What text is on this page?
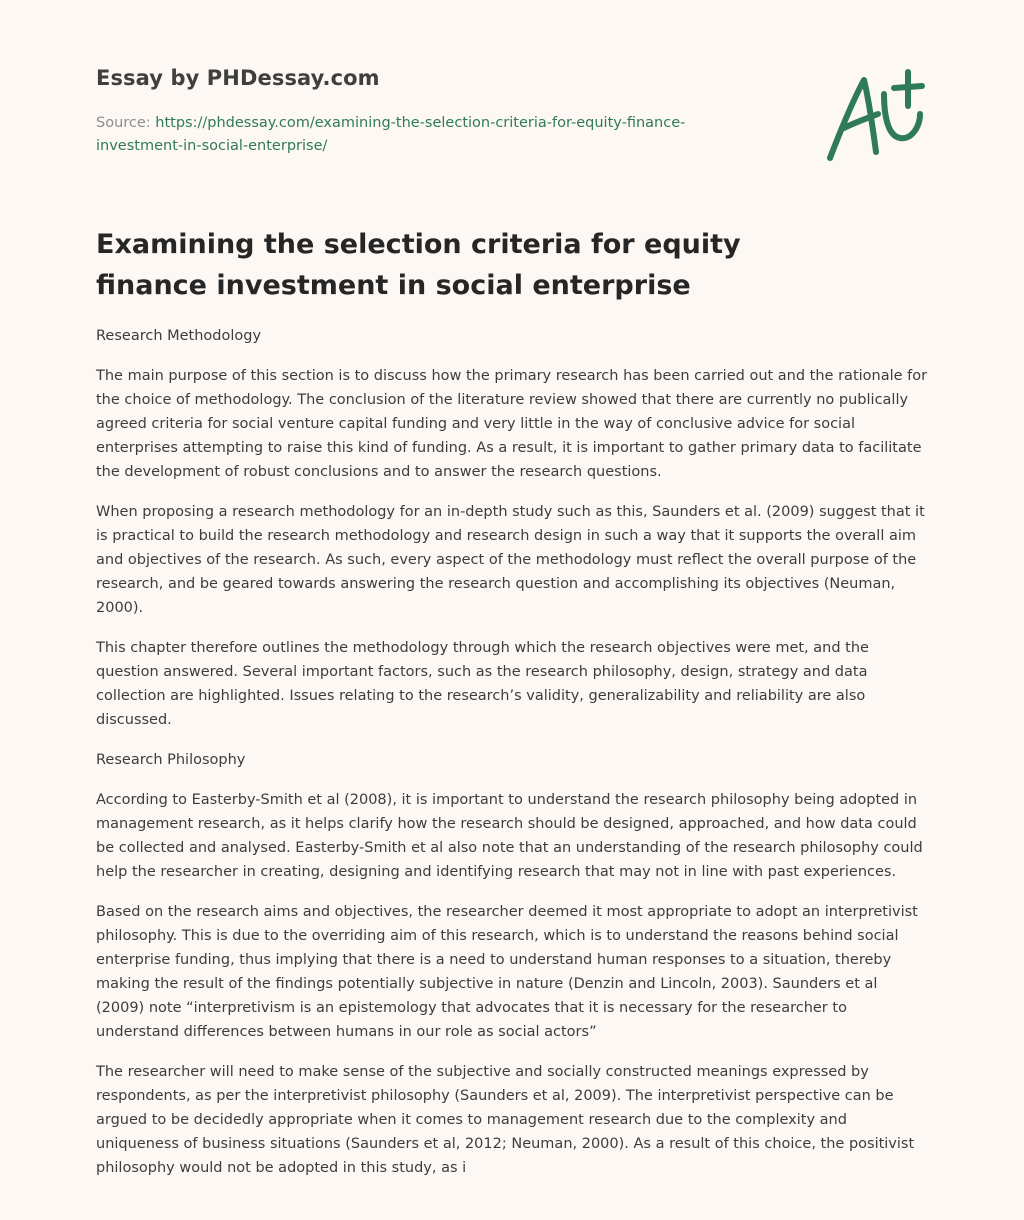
Essay by PHDessay.com
Source: https://phdessay.com/examining-the-selection-criteria-for-equity-finance-investment-in-social-enterprise/
Examining the selection criteria for equity finance investment in social enterprise

Research Methodology

The main purpose of this section is to discuss how the primary research has been carried out and the rationale for the choice of methodology. The conclusion of the literature review showed that there are currently no publically agreed criteria for social venture capital funding and very little in the way of conclusive advice for social enterprises attempting to raise this kind of funding. As a result, it is important to gather primary data to facilitate the development of robust conclusions and to answer the research questions.

When proposing a research methodology for an in-depth study such as this, Saunders et al. (2009) suggest that it is practical to build the research methodology and research design in such a way that it supports the overall aim and objectives of the research. As such, every aspect of the methodology must reflect the overall purpose of the research, and be geared towards answering the research question and accomplishing its objectives (Neuman, 2000).

This chapter therefore outlines the methodology through which the research objectives were met, and the question answered. Several important factors, such as the research philosophy, design, strategy and data collection are highlighted. Issues relating to the research’s validity, generalizability and reliability are also discussed.

Research Philosophy

According to Easterby-Smith et al (2008), it is important to understand the research philosophy being adopted in management research, as it helps clarify how the research should be designed, approached, and how data could be collected and analysed. Easterby-Smith et al also note that an understanding of the research philosophy could help the researcher in creating, designing and identifying research that may not in line with past experiences.

Based on the research aims and objectives, the researcher deemed it most appropriate to adopt an interpretivist philosophy. This is due to the overriding aim of this research, which is to understand the reasons behind social enterprise funding, thus implying that there is a need to understand human responses to a situation, thereby making the result of the findings potentially subjective in nature (Denzin and Lincoln, 2003). Saunders et al (2009) note “interpretivism is an epistemology that advocates that it is necessary for the researcher to understand differences between humans in our role as social actors”

The researcher will need to make sense of the subjective and socially constructed meanings expressed by respondents, as per the interpretivist philosophy (Saunders et al, 2009). The interpretivist perspective can be argued to be decidedly appropriate when it comes to management research due to the complexity and uniqueness of business situations (Saunders et al, 2012; Neuman, 2000). As a result of this choice, the positivist philosophy would not be adopted in this study, as i
